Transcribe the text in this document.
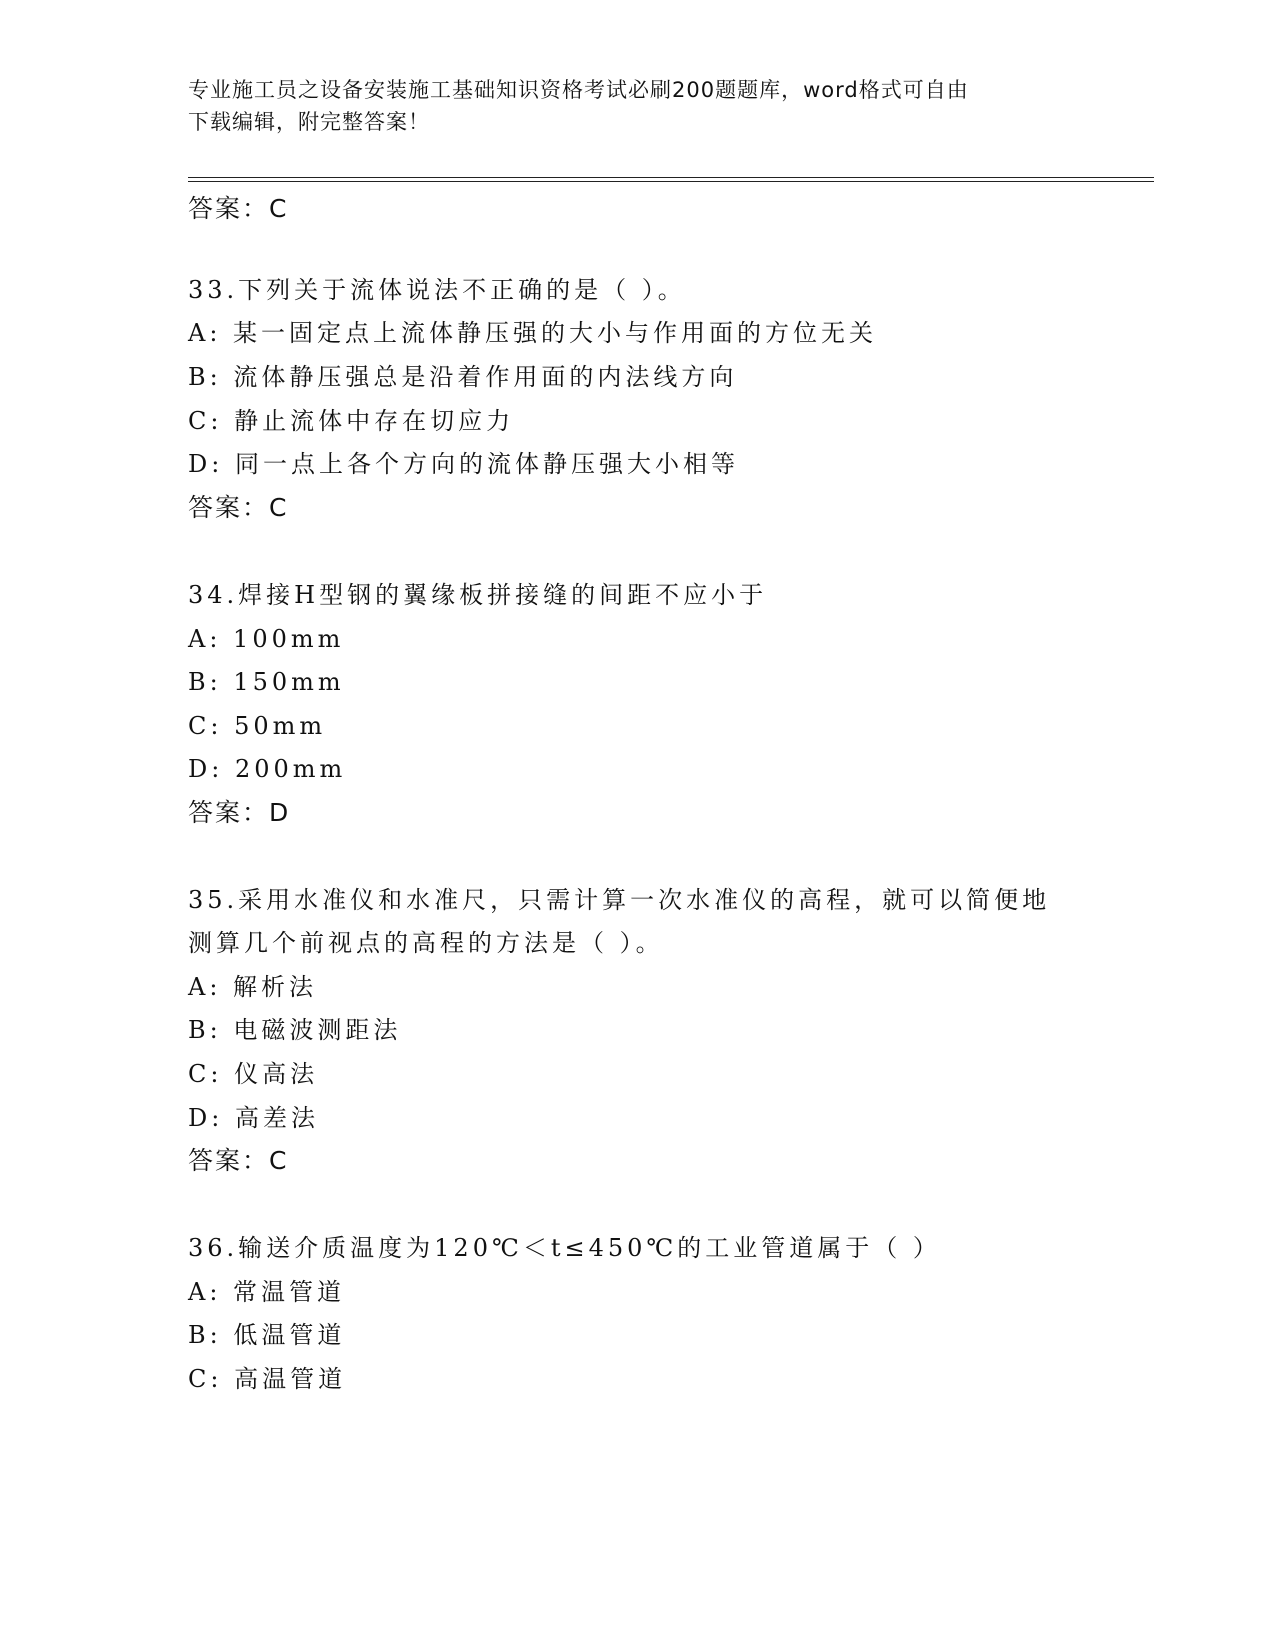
专业施工员之设备安装施工基础知识资格考试必刷200题题库，word格式可自由
下载编辑，附完整答案！
答案：C
33.下列关于流体说法不正确的是（ ）。
A: 某一固定点上流体静压强的大小与作用面的方位无关
B: 流体静压强总是沿着作用面的内法线方向
C: 静止流体中存在切应力
D: 同一点上各个方向的流体静压强大小相等
答案：C
34.焊接H型钢的翼缘板拼接缝的间距不应小于
A: 100mm
B: 150mm
C: 50mm
D: 200mm
答案：D
35.采用水准仪和水准尺，只需计算一次水准仪的高程，就可以简便地
测算几个前视点的高程的方法是（ ）。
A: 解析法
B: 电磁波测距法
C: 仪高法
D: 高差法
答案：C
36.输送介质温度为120℃＜t≤450℃的工业管道属于（ ）
A: 常温管道
B: 低温管道
C: 高温管道
